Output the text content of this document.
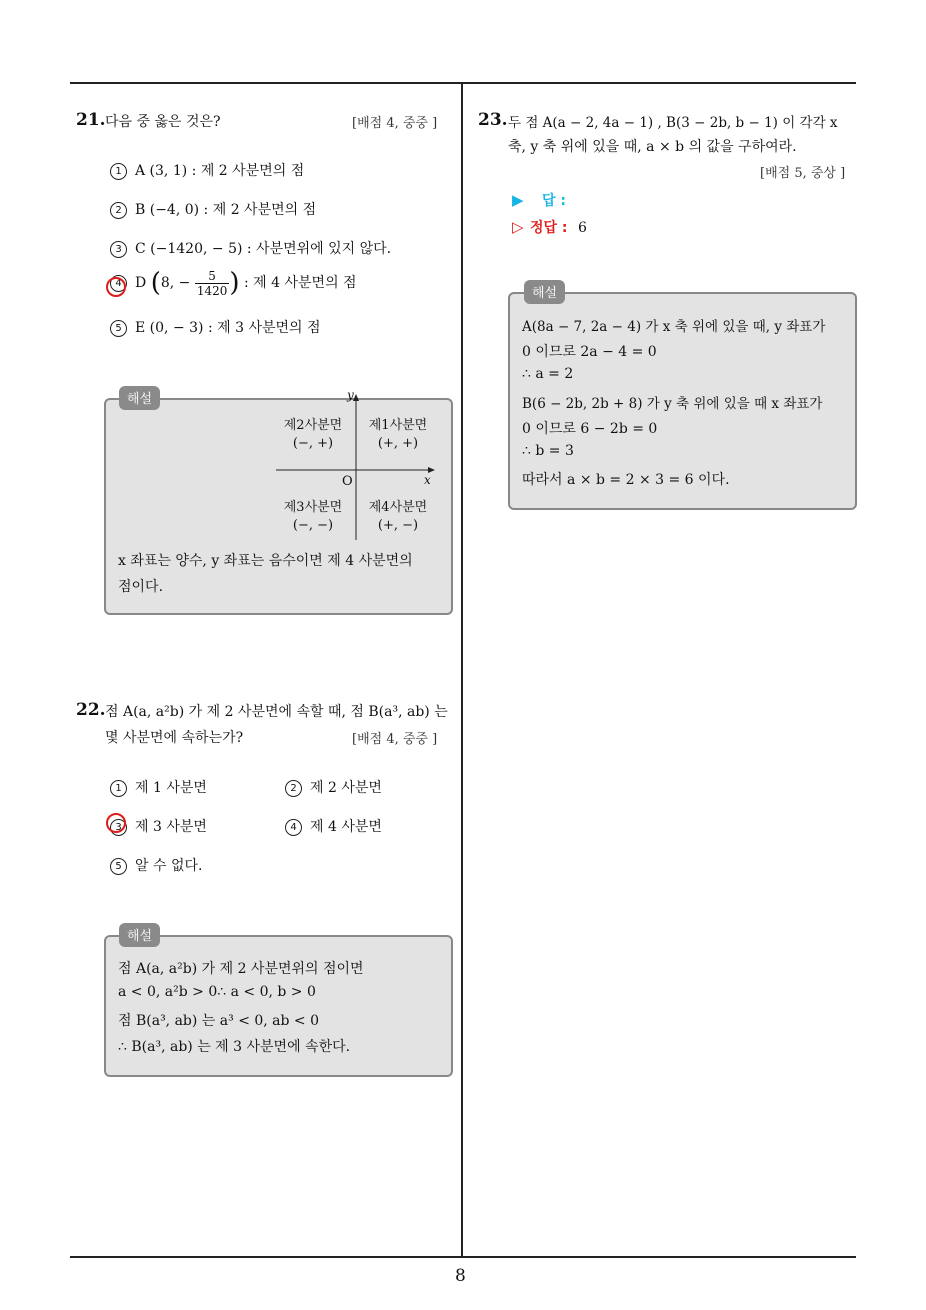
8
21. 다음 중 옳은 것은?	[배점 4, 중중 ]
1 A (3, 1) : 제 2 사분면의 점
2 B (−4, 0) : 제 2 사분면의 점
3 C (−1420, − 5) : 사분면위에 있지 않다.
4 D (8, − $\frac{5}{1420}$ ) : 제 4 사분면의 점
5 E (0, − 3) : 제 3 사분면의 점
해설	y
x
O
제2사분면
(−, +)
제1사분면
(+, +)
제3사분면
(−, −)
제4사분면
(+, −)
x 좌표는 양수, y 좌표는 음수이면 제 4 사분면의
점이다.
22. 점 A(a, a²b) 가 제 2 사분면에 속할 때, 점 B(a³, ab) 는
몇 사분면에 속하는가?	[배점 4, 중중 ]
1 제 1 사분면	2 제 2 사분면
3 제 3 사분면	4 제 4 사분면
5 알 수 없다.
해설
점 A(a, a²b) 가 제 2 사분면위의 점이면
a < 0, a²b > 0∴ a < 0, b > 0
점 B(a³, ab) 는 a³ < 0, ab < 0
∴ B(a³, ab) 는 제 3 사분면에 속한다.
23. 두 점 A(a − 2, 4a − 1) , B(3 − 2b, b − 1) 이 각각 x
축, y 축 위에 있을 때, a × b 의 값을 구하여라.
[배점 5, 중상 ]
▶ 답 :
▷ 정답 : 6
해설
A(8a − 7, 2a − 4) 가 x 축 위에 있을 때, y 좌표가
0 이므로 2a − 4 = 0
∴ a = 2
B(6 − 2b, 2b + 8) 가 y 축 위에 있을 때 x 좌표가
0 이므로 6 − 2b = 0
∴ b = 3
따라서 a × b = 2 × 3 = 6 이다.
